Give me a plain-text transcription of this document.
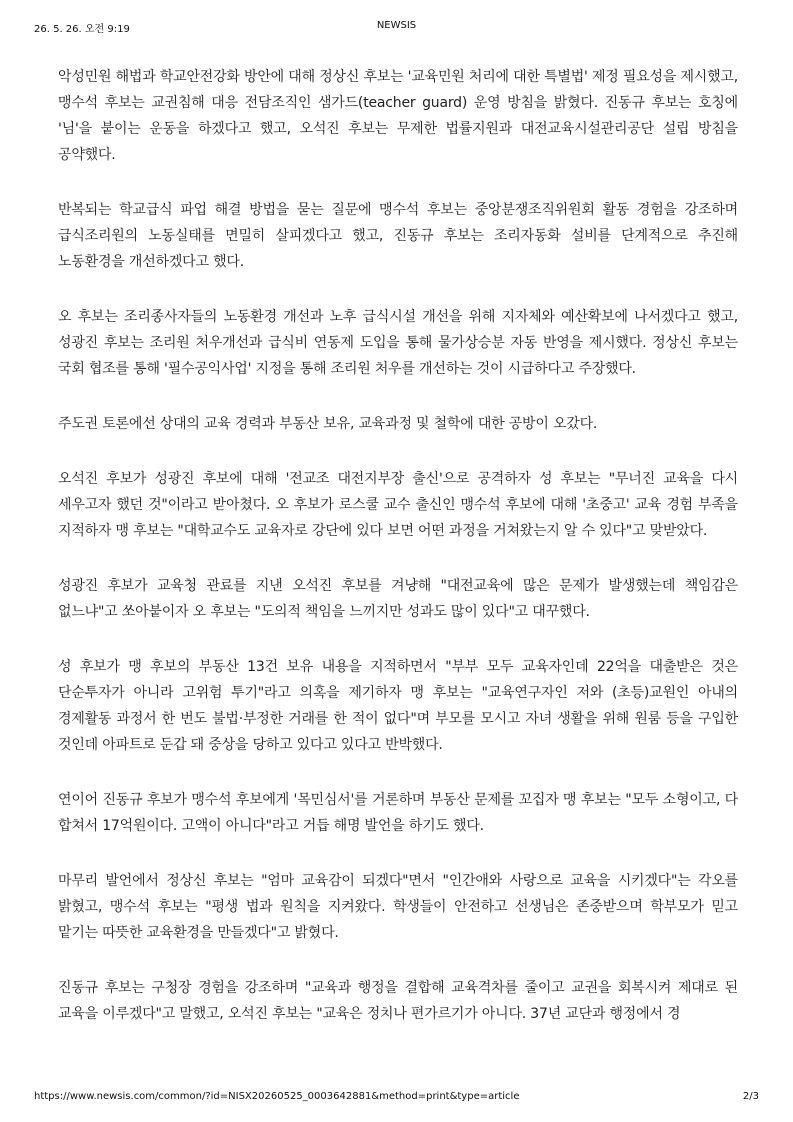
26. 5. 26. 오전 9:19	NEWSIS

악성민원 해법과 학교안전강화 방안에 대해 정상신 후보는 '교육민원 처리에 대한 특별법' 제정 필요성을 제시했고, 맹수석 후보는 교권침해 대응 전담조직인 샘가드(teacher guard) 운영 방침을 밝혔다. 진동규 후보는 호칭에 '님'을 붙이는 운동을 하겠다고 했고, 오석진 후보는 무제한 법률지원과 대전교육시설관리공단 설립 방침을 공약했다.

반복되는 학교급식 파업 해결 방법을 묻는 질문에 맹수석 후보는 중앙분쟁조직위원회 활동 경험을 강조하며 급식조리원의 노동실태를 면밀히 살피겠다고 했고, 진동규 후보는 조리자동화 설비를 단계적으로 추진해 노동환경을 개선하겠다고 했다.

오 후보는 조리종사자들의 노동환경 개선과 노후 급식시설 개선을 위해 지자체와 예산확보에 나서겠다고 했고, 성광진 후보는 조리원 처우개선과 급식비 연동제 도입을 통해 물가상승분 자동 반영을 제시했다. 정상신 후보는 국회 협조를 통해 '필수공익사업' 지정을 통해 조리원 처우를 개선하는 것이 시급하다고 주장했다.

주도권 토론에선 상대의 교육 경력과 부동산 보유, 교육과정 및 철학에 대한 공방이 오갔다.

오석진 후보가 성광진 후보에 대해 '전교조 대전지부장 출신'으로 공격하자 성 후보는 "무너진 교육을 다시 세우고자 했던 것"이라고 받아쳤다. 오 후보가 로스쿨 교수 출신인 맹수석 후보에 대해 '초중고' 교육 경험 부족을 지적하자 맹 후보는 "대학교수도 교육자로 강단에 있다 보면 어떤 과정을 거쳐왔는지 알 수 있다"고 맞받았다.

성광진 후보가 교육청 관료를 지낸 오석진 후보를 겨냥해 "대전교육에 많은 문제가 발생했는데 책임감은 없느냐"고 쏘아붙이자 오 후보는 "도의적 책임을 느끼지만 성과도 많이 있다"고 대꾸했다.

성 후보가 맹 후보의 부동산 13건 보유 내용을 지적하면서 "부부 모두 교육자인데 22억을 대출받은 것은 단순투자가 아니라 고위험 투기"라고 의혹을 제기하자 맹 후보는 "교육연구자인 저와 (초등)교원인 아내의 경제활동 과정서 한 번도 불법·부정한 거래를 한 적이 없다"며 부모를 모시고 자녀 생활을 위해 원룸 등을 구입한 것인데 아파트로 둔갑 돼 중상을 당하고 있다고 있다고 반박했다.

연이어 진동규 후보가 맹수석 후보에게 '목민심서'를 거론하며 부동산 문제를 꼬집자 맹 후보는 "모두 소형이고, 다 합쳐서 17억원이다. 고액이 아니다"라고 거듭 해명 발언을 하기도 했다.

마무리 발언에서 정상신 후보는 "엄마 교육감이 되겠다"면서 "인간애와 사랑으로 교육을 시키겠다"는 각오를 밝혔고, 맹수석 후보는 "평생 법과 원칙을 지켜왔다. 학생들이 안전하고 선생님은 존중받으며 학부모가 믿고 맡기는 따뜻한 교육환경을 만들겠다"고 밝혔다.

진동규 후보는 구청장 경험을 강조하며 "교육과 행정을 결합해 교육격차를 줄이고 교권을 회복시켜 제대로 된 교육을 이루겠다"고 말했고, 오석진 후보는 "교육은 정치나 편가르기가 아니다. 37년 교단과 행정에서 경

https://www.newsis.com/common/?id=NISX20260525_0003642881&method=print&type=article	2/3
